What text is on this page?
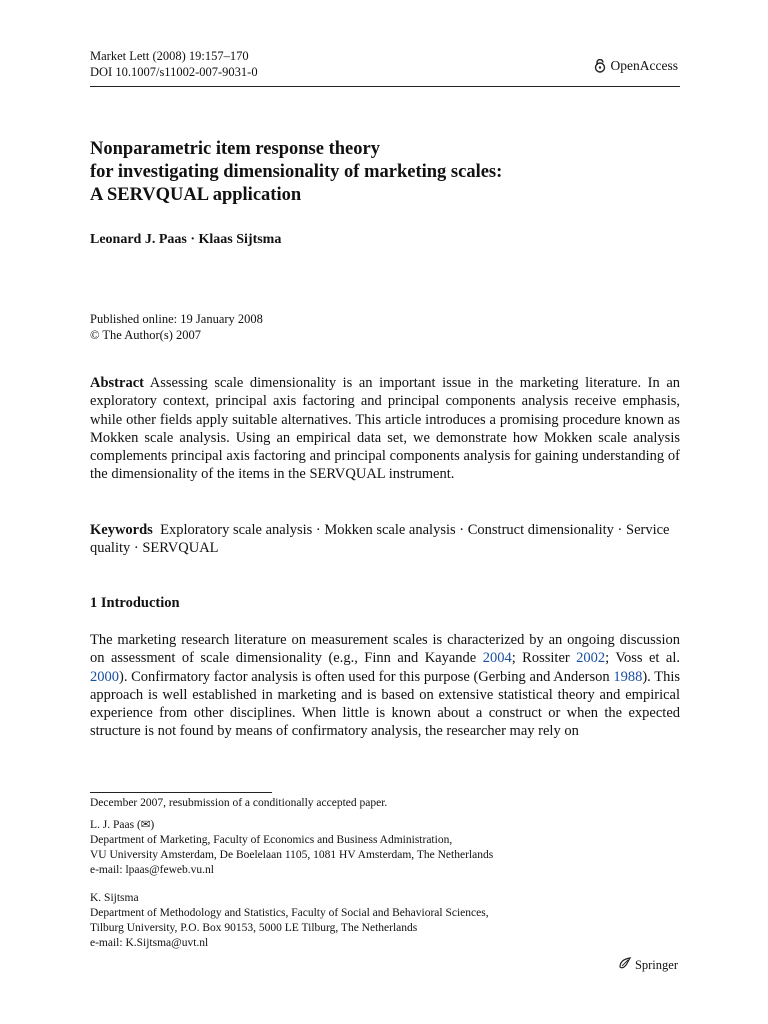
Market Lett (2008) 19:157–170
DOI 10.1007/s11002-007-9031-0	OpenAccess
Nonparametric item response theory
for investigating dimensionality of marketing scales:
A SERVQUAL application
Leonard J. Paas · Klaas Sijtsma
Published online: 19 January 2008
© The Author(s) 2007

Abstract Assessing scale dimensionality is an important issue in the marketing literature. In an exploratory context, principal axis factoring and principal components analysis receive emphasis, while other fields apply suitable alternatives. This article introduces a promising procedure known as Mokken scale analysis. Using an empirical data set, we demonstrate how Mokken scale analysis complements principal axis factoring and principal components analysis for gaining understanding of the dimensionality of the items in the SERVQUAL instrument.

Keywords Exploratory scale analysis · Mokken scale analysis · Construct dimensionality · Service quality · SERVQUAL

1 Introduction

The marketing research literature on measurement scales is characterized by an ongoing discussion on assessment of scale dimensionality (e.g., Finn and Kayande 2004; Rossiter 2002; Voss et al. 2000). Confirmatory factor analysis is often used for this purpose (Gerbing and Anderson 1988). This approach is well established in marketing and is based on extensive statistical theory and empirical experience from other disciplines. When little is known about a construct or when the expected structure is not found by means of confirmatory analysis, the researcher may rely on

December 2007, resubmission of a conditionally accepted paper.
L. J. Paas (✉)
Department of Marketing, Faculty of Economics and Business Administration,
VU University Amsterdam, De Boelelaan 1105, 1081 HV Amsterdam, The Netherlands
e-mail: lpaas@feweb.vu.nl
K. Sijtsma
Department of Methodology and Statistics, Faculty of Social and Behavioral Sciences,
Tilburg University, P.O. Box 90153, 5000 LE Tilburg, The Netherlands
e-mail: K.Sijtsma@uvt.nl
Springer
